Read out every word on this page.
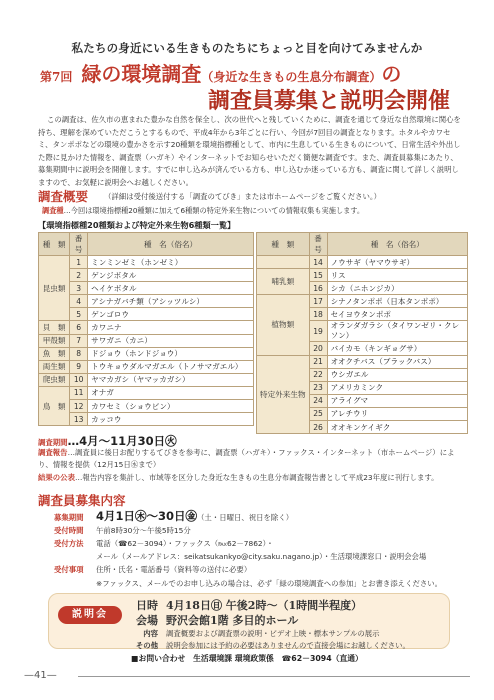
私たちの身近にいる生きものたちにちょっと目を向けてみませんか
第7回 緑の環境調査（身近な生きもの生息分布調査）の
調査員募集と説明会開催
この調査は、佐久市の恵まれた豊かな自然を保全し、次の世代へと残していくために、調査を通じて身近な自然環境に関心を持ち、理解を深めていただこうとするもので、平成4年から3年ごとに行い、今回が7回目の調査となります。ホタルやカワセミ、タンポポなどの環境の豊かさを示す20種類を環境指標種として、市内に生息している生きものについて、日常生活や外出した際に見かけた情報を、調査票（ハガキ）やインターネットでお知らせいただく簡便な調査です。また、調査員募集にあたり、募集期間中に説明会を開催します。すでに申し込みが済んでいる方も、申し込むか迷っている方も、調査に関して詳しく説明しますので、お気軽に説明会へお越しください。
調査概要 （詳細は受付後送付する「調査のてびき」または市ホームページをご覧ください。）
調査種…今回は環境指標種20種類に加えて6種類の特定外来生物についての情報収集も実施します。
【環境指標種20種類および特定外来生物6種類一覧】
種　類	番号	種　名（俗名）
昆虫類	1	ミンミンゼミ（ホンゼミ）
	2	ゲンジボタル
	3	ヘイケボタル
	4	アシナガバチ類（アシッツルシ）
	5	ゲンゴロウ
貝　類	6	カワニナ
甲殻類	7	サワガニ（カニ）
魚　類	8	ドジョウ（ホンドジョウ）
両生類	9	トウキョウダルマガエル（トノサマガエル）
爬虫類	10	ヤマカガシ（ヤマッカガシ）
鳥　類	11	オナガ
	12	カワセミ（ショウビン）
	13	カッコウ
種　類	番号	種　名（俗名）
	14	ノウサギ（ヤマウサギ）
哺乳類	15	リス
	16	シカ（ニホンジカ）
植物類	17	シナノタンポポ（日本タンポポ）
	18	セイヨウタンポポ
	19	オランダガラシ（タイワンゼリ・クレソン）
	20	バイカモ（キンギョグサ）
特定外来生物	21	オオクチバス（ブラックバス）
	22	ウシガエル
	23	アメリカミンク
	24	アライグマ
	25	アレチウリ
	26	オオキンケイギク
調査期間…4月～11月30日㊋
調査報告…調査員に後日お配りするてびきを参考に、調査票（ハガキ）・ファックス・インターネット（市ホームページ）により、情報を提供（12月15日㊌まで）
結果の公表…報告内容を集計し、市域等を区分した身近な生きもの生息分布調査報告書として平成23年度に刊行します。
調査員募集内容
募集期間 4月1日㊍～30日㊎（土・日曜日、祝日を除く）
受付時間 午前8時30分～午後5時15分
受付方法 電話（☎62－3094）・ファックス（℻62－7862）・
メール（メールアドレス：seikatsukankyo@city.saku.nagano.jp）・生活環境課窓口・説明会会場
受付事項 住所・氏名・電話番号（資料等の送付に必要）
※ファックス、メールでのお申し込みの場合は、必ず「緑の環境調査への参加」とお書き添えください。
説明会
日時 4月18日㊐ 午後2時～（1時間半程度）
会場 野沢会館1階 多目的ホール
内容 調査概要および調査票の説明・ビデオ上映・標本サンプルの展示
その他 説明会参加には予約の必要はありませんので直接会場にお越しください。
■お問い合わせ　生活環境課 環境政策係　☎62－3094（直通）
—41—
